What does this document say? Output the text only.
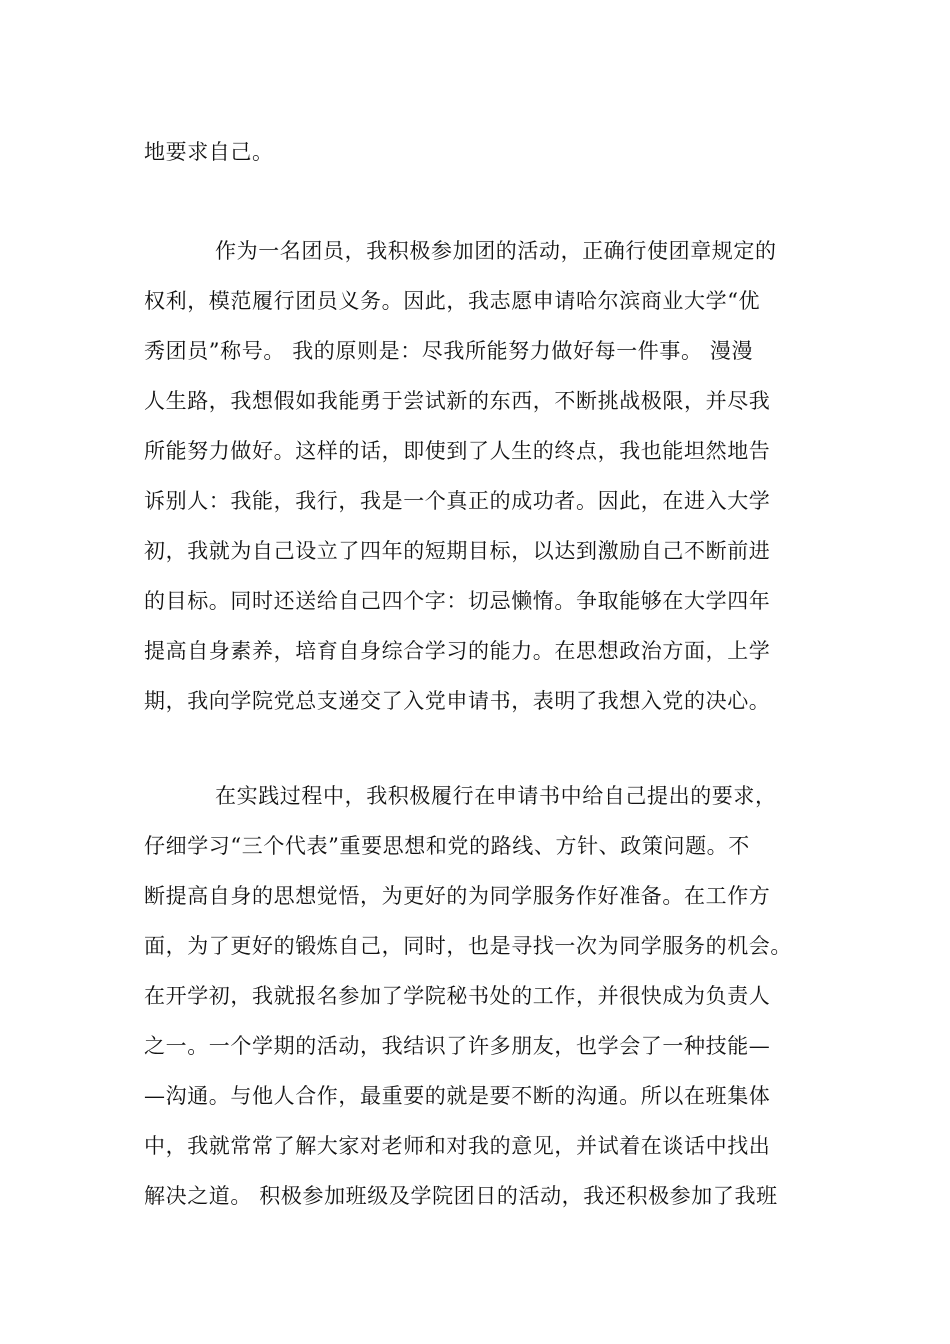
地要求自己。
作为一名团员，我积极参加团的活动，正确行使团章规定的
权利，模范履行团员义务。因此，我志愿申请哈尔滨商业大学“优
秀团员”称号。 我的原则是：尽我所能努力做好每一件事。 漫漫
人生路，我想假如我能勇于尝试新的东西，不断挑战极限，并尽我
所能努力做好。这样的话，即使到了人生的终点，我也能坦然地告
诉别人：我能，我行，我是一个真正的成功者。因此，在进入大学
初，我就为自己设立了四年的短期目标，以达到激励自己不断前进
的目标。同时还送给自己四个字：切忌懒惰。争取能够在大学四年
提高自身素养，培育自身综合学习的能力。在思想政治方面，上学
期，我向学院党总支递交了入党申请书，表明了我想入党的决心。
在实践过程中，我积极履行在申请书中给自己提出的要求，
仔细学习“三个代表”重要思想和党的路线、方针、政策问题。不
断提高自身的思想觉悟，为更好的为同学服务作好准备。在工作方
面，为了更好的锻炼自己，同时，也是寻找一次为同学服务的机会。
在开学初，我就报名参加了学院秘书处的工作，并很快成为负责人
之一。一个学期的活动，我结识了许多朋友，也学会了一种技能—
—沟通。与他人合作，最重要的就是要不断的沟通。所以在班集体
中，我就常常了解大家对老师和对我的意见，并试着在谈话中找出
解决之道。 积极参加班级及学院团日的活动，我还积极参加了我班
